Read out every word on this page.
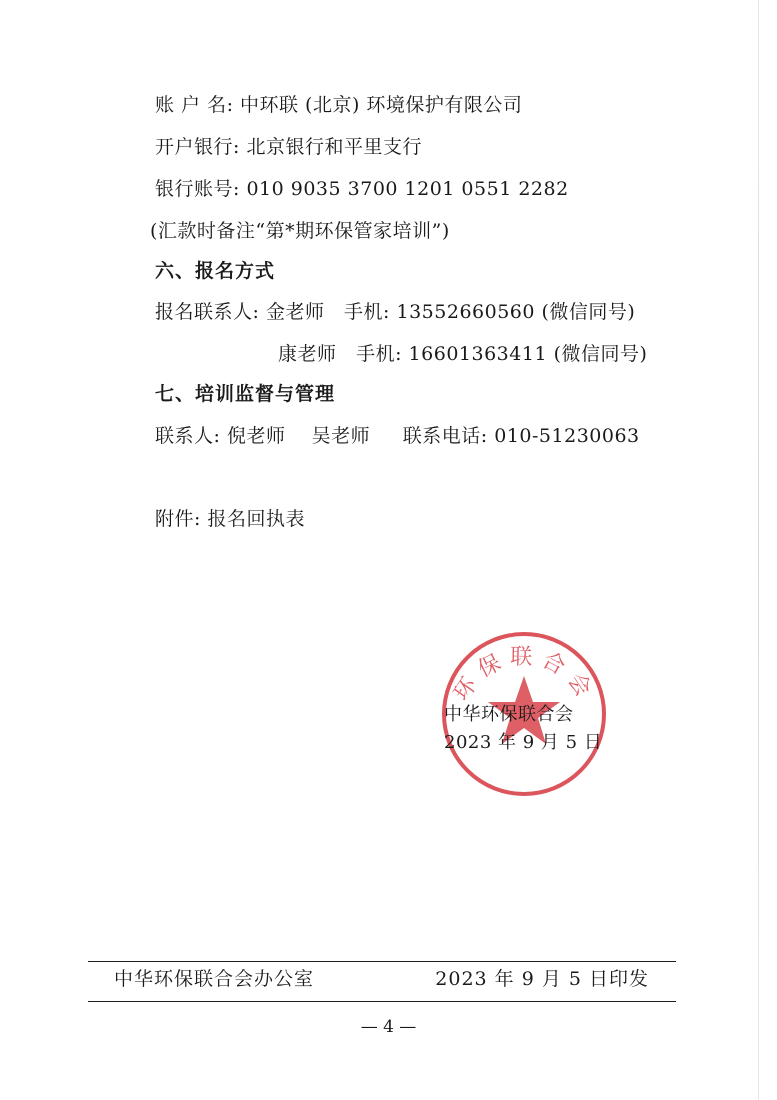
账 户 名: 中环联 (北京) 环境保护有限公司
开户银行: 北京银行和平里支行
银行账号: 010 9035 3700 1201 0551 2282
(汇款时备注“第*期环保管家培训”)
六、报名方式
报名联系人: 金老师   手机: 13552660560 (微信同号)
康老师   手机: 16601363411 (微信同号)
七、培训监督与管理
联系人: 倪老师    吴老师     联系电话: 010-51230063
附件: 报名回执表
环保联合会
中华环保联合会
2023 年 9 月 5 日
中华环保联合会办公室	2023 年 9 月 5 日印发
— 4 —
